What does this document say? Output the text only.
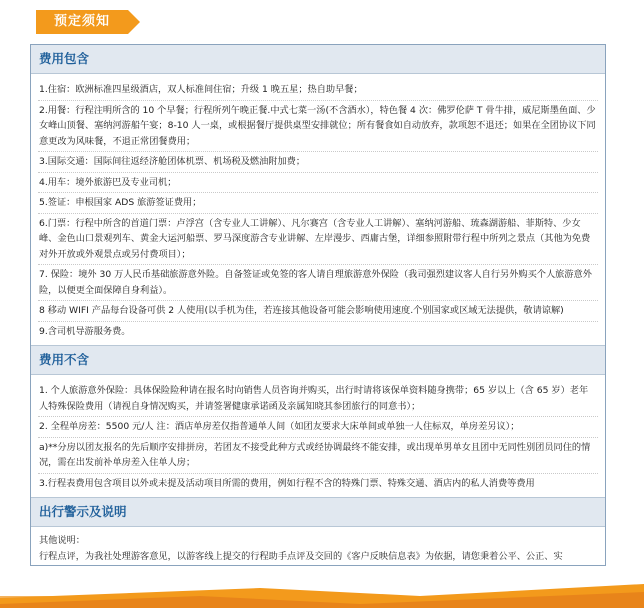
预定须知
费用包含
1.住宿：欧洲标准四星级酒店，双人标准间住宿；升级 1 晚五星；热自助早餐；
2.用餐：行程注明所含的 10 个早餐；行程所列午晚正餐.中式七菜一汤(不含酒水），特色餐 4 次：佛罗伦萨 T 骨牛排，威尼斯墨鱼面、少女峰山顶餐、塞纳河游船午宴；8-10 人一桌，或根据餐厅提供桌型安排就位；所有餐食如自动放弃，款项恕不退还；如果在全团协议下同意更改为风味餐，不退正常团餐费用；
3.国际交通：国际间往返经济舱团体机票、机场税及燃油附加费；
4.用车：境外旅游巴及专业司机；
5.签证：申根国家 ADS 旅游签证费用；
6.门票：行程中所含的首道门票：卢浮宫（含专业人工讲解）、凡尔赛宫（含专业人工讲解）、塞纳河游船、琉森湖游船、菲斯特、少女峰、金色山口景观列车、黄金大运河船票、罗马深度游含专业讲解、左岸漫步、西庸古堡，详细参照附带行程中所列之景点（其他为免费对外开放或外观景点或另付费项目）；
7. 保险：境外 30 万人民币基础旅游意外险。自备签证或免签的客人请自理旅游意外保险（我司强烈建议客人自行另外购买个人旅游意外险，以便更全面保障自身利益）。
8 移动 WIFI 产品每台设备可供 2 人使用(以手机为佳，若连接其他设备可能会影响使用速度.个别国家或区域无法提供，敬请谅解)
9.含司机导游服务费。
费用不含
1. 个人旅游意外保险：具体保险险种请在报名时向销售人员咨询并购买，出行时请将该保单资料随身携带；65 岁以上（含 65 岁）老年人特殊保险费用（请视自身情况购买，并请签署健康承诺函及亲属知晓其参团旅行的同意书）；
2. 全程单房差：5500 元/人 注：酒店单房差仅指普通单人间（如团友要求大床单间或单独一人住标双，单房差另议）；
a)**分房以团友报名的先后顺序安排拼房，若团友不接受此种方式或经协调最终不能安排，或出现单男单女且团中无同性别团员同住的情况，需在出发前补单房差入住单人房；
3.行程表费用包含项目以外或未提及活动项目所需的费用，例如行程不含的特殊门票、特殊交通、酒店内的私人消费等费用
出行警示及说明
其他说明：
行程点评，为我社处理游客意见，以游客线上提交的行程助手点评及交回的《客户反映信息表》为依据，请您秉着公平、公正、实
